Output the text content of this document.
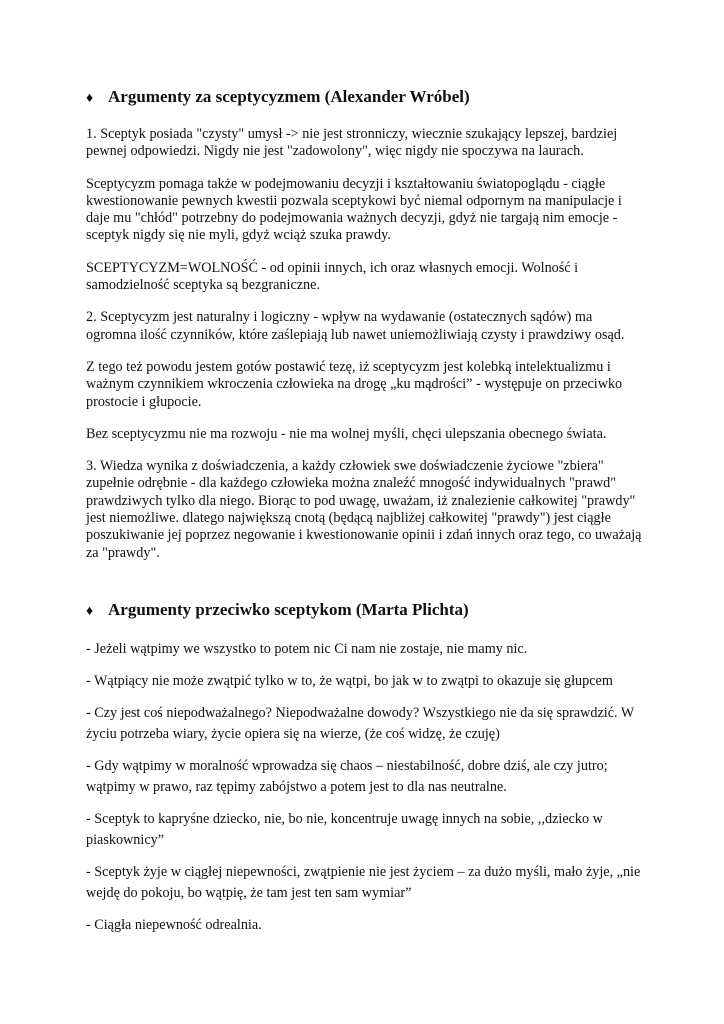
♦ Argumenty za sceptycyzmem (Alexander Wróbel)

1. Sceptyk posiada "czysty" umysł -> nie jest stronniczy, wiecznie szukający lepszej, bardziej pewnej odpowiedzi. Nigdy nie jest "zadowolony", więc nigdy nie spoczywa na laurach.

Sceptycyzm pomaga także w podejmowaniu decyzji i kształtowaniu światopoglądu - ciągłe kwestionowanie pewnych kwestii pozwala sceptykowi być niemal odpornym na manipulacje i daje mu "chłód" potrzebny do podejmowania ważnych decyzji, gdyż nie targają nim emocje - sceptyk nigdy się nie myli, gdyż wciąż szuka prawdy.

SCEPTYCYZM=WOLNOŚĆ - od opinii innych, ich oraz własnych emocji. Wolność i samodzielność sceptyka są bezgraniczne.

2. Sceptycyzm jest naturalny i logiczny - wpływ na wydawanie (ostatecznych sądów) ma ogromna ilość czynników, które zaślepiają lub nawet uniemożliwiają czysty i prawdziwy osąd.

Z tego też powodu jestem gotów postawić tezę, iż sceptycyzm jest kolebką intelektualizmu i ważnym czynnikiem wkroczenia człowieka na drogę „ku mądrości” - występuje on przeciwko prostocie i głupocie.

Bez sceptycyzmu nie ma rozwoju - nie ma wolnej myśli, chęci ulepszania obecnego świata.

3. Wiedza wynika z doświadczenia, a każdy człowiek swe doświadczenie życiowe "zbiera" zupełnie odrębnie - dla każdego człowieka można znaleźć mnogość indywidualnych "prawd" prawdziwych tylko dla niego. Biorąc to pod uwagę, uważam, iż znalezienie całkowitej "prawdy" jest niemożliwe. dlatego największą cnotą (będącą najbliżej całkowitej "prawdy") jest ciągłe poszukiwanie jej poprzez negowanie i kwestionowanie opinii i zdań innych oraz tego, co uważają za "prawdy".

♦ Argumenty przeciwko sceptykom (Marta Plichta)

- Jeżeli wątpimy we wszystko to potem nic Ci nam nie zostaje, nie mamy nic.

- Wątpiący nie może zwątpić tylko w to, że wątpi, bo jak w to zwątpi to okazuje się głupcem

- Czy jest coś niepodważalnego? Niepodważalne dowody? Wszystkiego nie da się sprawdzić. W życiu potrzeba wiary, życie opiera się na wierze, (że coś widzę, że czuję)

- Gdy wątpimy w moralność wprowadza się chaos – niestabilność, dobre dziś, ale czy jutro; wątpimy w prawo, raz tępimy zabójstwo a potem jest to dla nas neutralne.

- Sceptyk to kapryśne dziecko, nie, bo nie, koncentruje uwagę innych na sobie, ,,dziecko w piaskownicy”

- Sceptyk żyje w ciągłej niepewności, zwątpienie nie jest życiem – za dużo myśli, mało żyje, „nie wejdę do pokoju, bo wątpię, że tam jest ten sam wymiar”

- Ciągła niepewność odrealnia.
